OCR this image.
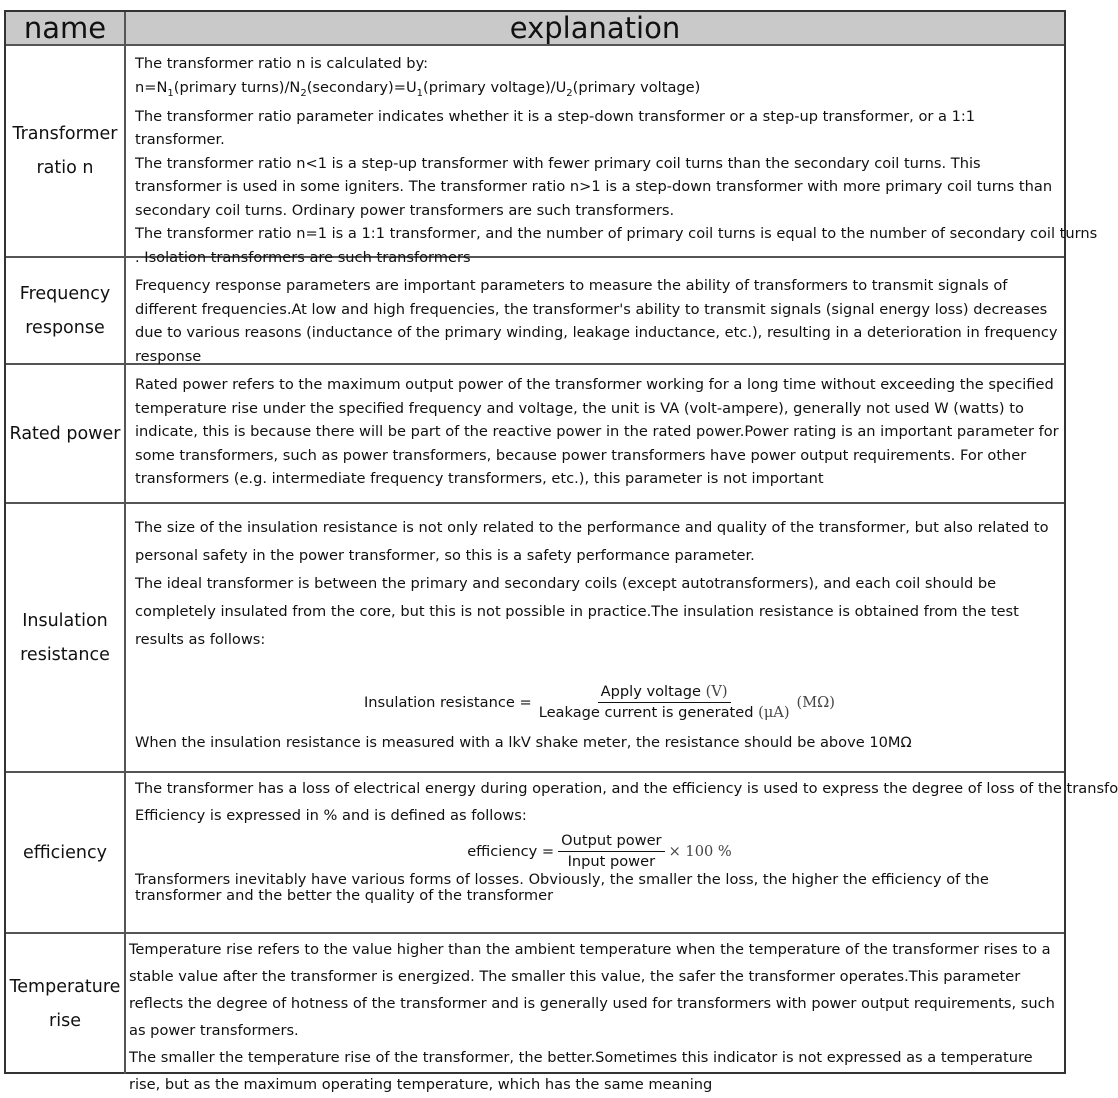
name	explanation
Transformer
ratio n

The transformer ratio n is calculated by:

$n=N_1(primary$ $turns)/N_2(secondary)=U_1(primary$ $voltage)/U_2(primary$ voltage)

The transformer ratio parameter indicates whether it is a step-down transformer or a step-up transformer, or a 1:1 transformer.

The transformer ratio n<1 is a step-up transformer with fewer primary coil turns than the secondary coil turns. This transformer is used in some igniters. The transformer ratio n>1 is a step-down transformer with more primary coil turns than secondary coil turns. Ordinary power transformers are such transformers.

The transformer ratio n=1 is a 1:1 transformer, and the number of primary coil turns is equal to the number of secondary coil turns

. Isolation transformers are such transformers

Frequency
response

Frequency response parameters are important parameters to measure the ability of transformers to transmit signals of different frequencies.At low and high frequencies, the transformer's ability to transmit signals (signal energy loss) decreases due to various reasons (inductance of the primary winding, leakage inductance, etc.), resulting in a deterioration in frequency response

Rated power

Rated power refers to the maximum output power of the transformer working for a long time without exceeding the specified temperature rise under the specified frequency and voltage, the unit is VA (volt-ampere), generally not used W (watts) to indicate, this is because there will be part of the reactive power in the rated power.Power rating is an important parameter for some transformers, such as power transformers, because power transformers have power output requirements. For other transformers (e.g. intermediate frequency transformers, etc.), this parameter is not important

Insulation
resistance

The size of the insulation resistance is not only related to the performance and quality of the transformer, but also related to personal safety in the power transformer, so this is a safety performance parameter.

The ideal transformer is between the primary and secondary coils (except autotransformers), and each coil should be completely insulated from the core, but this is not possible in practice.The insulation resistance is obtained from the test results as follows:

Insulation resistance = $\frac{\text{Apply voltage (V)}}{\text{Leakage current is generated (μA)}} (M\Omega)$

When the insulation resistance is measured with a lkV shake meter, the resistance should be above 10MΩ

efficiency

The transformer has a loss of electrical energy during operation, and the efficiency is used to express the degree of loss of the transfo

Efficiency is expressed in % and is defined as follows:

efficiency = $\frac{\text{Output power}}{\text{Input power}} \times 100$ %

Transformers inevitably have various forms of losses. Obviously, the smaller the loss, the higher the efficiency of the transformer and the better the quality of the transformer

Temperature
rise

Temperature rise refers to the value higher than the ambient temperature when the temperature of the transformer rises to a stable value after the transformer is energized. The smaller this value, the safer the transformer operates.This parameter reflects the degree of hotness of the transformer and is generally used for transformers with power output requirements, such as power transformers.

The smaller the temperature rise of the transformer, the better.Sometimes this indicator is not expressed as a temperature rise, but as the maximum operating temperature, which has the same meaning
